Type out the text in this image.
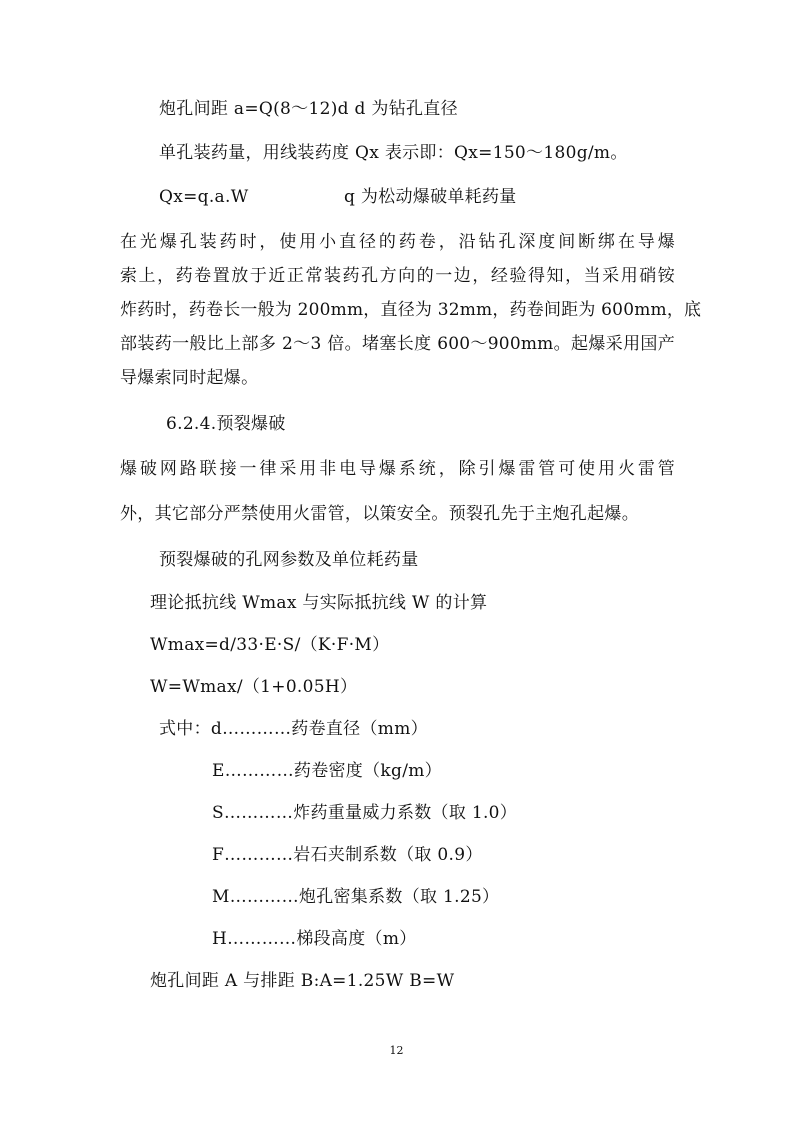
炮孔间距 a=Q(8～12)d d 为钻孔直径
单孔装药量，用线装药度 Qx 表示即：Qx=150～180g/m。
Qx=q.a.W	q 为松动爆破单耗药量
在光爆孔装药时，使用小直径的药卷，沿钻孔深度间断绑在导爆
索上，药卷置放于近正常装药孔方向的一边，经验得知，当采用硝铵
炸药时，药卷长一般为 200mm，直径为 32mm，药卷间距为 600mm，底
部装药一般比上部多 2～3 倍。堵塞长度 600～900mm。起爆采用国产
导爆索同时起爆。
6.2.4.预裂爆破
爆破网路联接一律采用非电导爆系统，除引爆雷管可使用火雷管
外，其它部分严禁使用火雷管，以策安全。预裂孔先于主炮孔起爆。
预裂爆破的孔网参数及单位耗药量
理论抵抗线 Wmax 与实际抵抗线 W 的计算
Wmax=d/33·E·S/（K·F·M）
W=Wmax/（1+0.05H）
式中：d…………药卷直径（mm）
E…………药卷密度（kg/m）
S…………炸药重量威力系数（取 1.0）
F…………岩石夹制系数（取 0.9）
M…………炮孔密集系数（取 1.25）
H…………梯段高度（m）
炮孔间距 A 与排距 B:A=1.25W B=W
12
